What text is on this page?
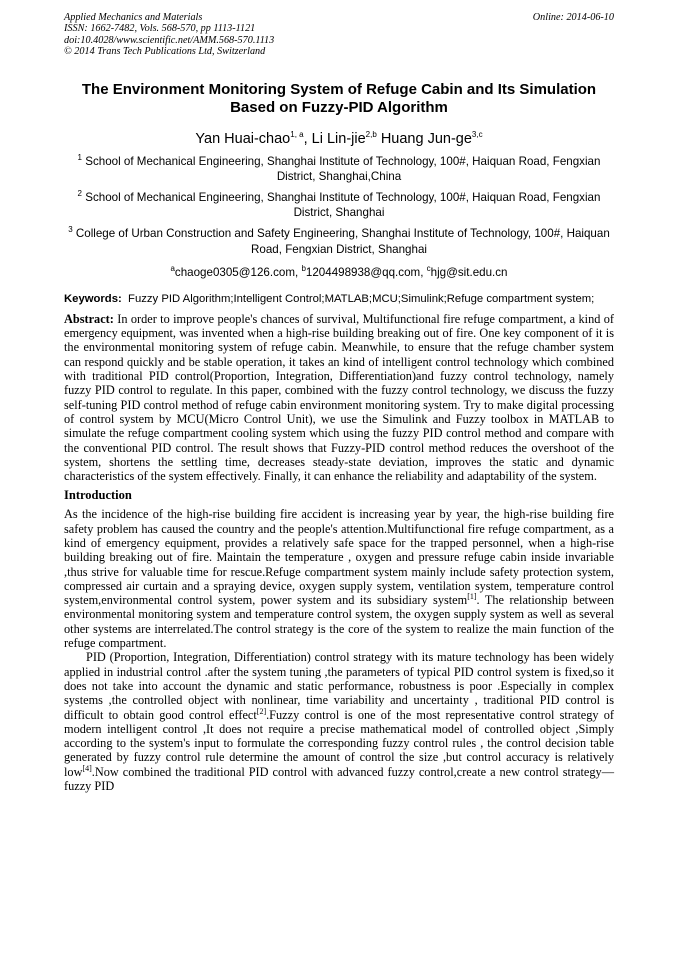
Applied Mechanics and Materials	Online: 2014-06-10
ISSN: 1662-7482, Vols. 568-570, pp 1113-1121
doi:10.4028/www.scientific.net/AMM.568-570.1113
© 2014 Trans Tech Publications Ltd, Switzerland
The Environment Monitoring System of Refuge Cabin and Its Simulation Based on Fuzzy-PID Algorithm
Yan Huai-chao$^{1, a}$, Li Lin-jie$^{2,b}$ Huang Jun-ge$^{3,c}$
$^1$ School of Mechanical Engineering, Shanghai Institute of Technology, 100#, Haiquan Road, Fengxian District, Shanghai,China
$^2$ School of Mechanical Engineering, Shanghai Institute of Technology, 100#, Haiquan Road, Fengxian District, Shanghai
$^3$ College of Urban Construction and Safety Engineering, Shanghai Institute of Technology, 100#, Haiquan Road, Fengxian District, Shanghai
$^a$chaoge0305@126.com, $^b$1204498938@qq.com, $^c$hjg@sit.edu.cn
Keywords: Fuzzy PID Algorithm;Intelligent Control;MATLAB;MCU;Simulink;Refuge compartment system;

Abstract: In order to improve people's chances of survival, Multifunctional fire refuge compartment, a kind of emergency equipment, was invented when a high-rise building breaking out of fire. One key component of it is the environmental monitoring system of refuge cabin. Meanwhile, to ensure that the refuge chamber system can respond quickly and be stable operation, it takes an kind of intelligent control technology which combined with traditional PID control(Proportion, Integration, Differentiation)and fuzzy control technology, namely fuzzy PID control to regulate. In this paper, combined with the fuzzy control technology, we discuss the fuzzy self-tuning PID control method of refuge cabin environment monitoring system. Try to make digital processing of control system by MCU(Micro Control Unit), we use the Simulink and Fuzzy toolbox in MATLAB to simulate the refuge compartment cooling system which using the fuzzy PID control method and compare with the conventional PID control. The result shows that Fuzzy-PID control method reduces the overshoot of the system, shortens the settling time, decreases steady-state deviation, improves the static and dynamic characteristics of the system effectively. Finally, it can enhance the reliability and adaptability of the system.

Introduction

As the incidence of the high-rise building fire accident is increasing year by year, the high-rise building fire safety problem has caused the country and the people's attention.Multifunctional fire refuge compartment, as a kind of emergency equipment, provides a relatively safe space for the trapped personnel, when a high-rise building breaking out of fire. Maintain the temperature , oxygen and pressure refuge cabin inside invariable ,thus strive for valuable time for rescue.Refuge compartment system mainly include safety protection system, compressed air curtain and a spraying device, oxygen supply system, ventilation system, temperature control system,environmental control system, power system and its subsidiary system[1]. The relationship between environmental monitoring system and temperature control system, the oxygen supply system as well as several other systems are interrelated.The control strategy is the core of the system to realize the main function of the refuge compartment.

PID (Proportion, Integration, Differentiation) control strategy with its mature technology has been widely applied in industrial control .after the system tuning ,the parameters of typical PID control system is fixed,so it does not take into account the dynamic and static performance, robustness is poor .Especially in complex systems ,the controlled object with nonlinear, time variability and uncertainty , traditional PID control is difficult to obtain good control effect[2].Fuzzy control is one of the most representative control strategy of modern intelligent control ,It does not require a precise mathematical model of controlled object ,Simply according to the system's input to formulate the corresponding fuzzy control rules , the control decision table generated by fuzzy control rule determine the amount of control the size ,but control accuracy is relatively low[4].Now combined the traditional PID control with advanced fuzzy control,create a new control strategy—fuzzy PID
